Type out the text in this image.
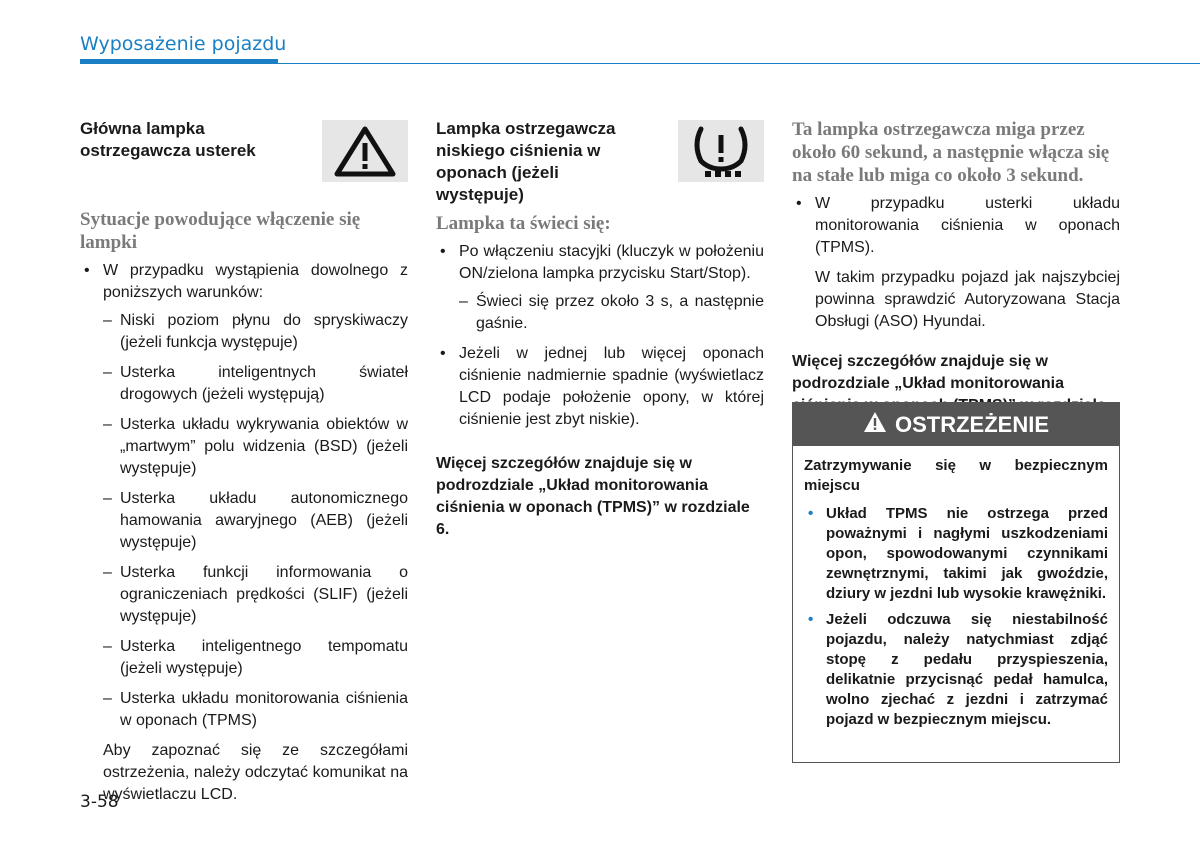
Wyposażenie pojazdu
Główna lampka ostrzegawcza usterek
Sytuacje powodujące włączenie się lampki
• W przypadku wystąpienia dowolnego z poniższych warunków:
– Niski poziom płynu do spryskiwaczy (jeżeli funkcja występuje)
– Usterka inteligentnych świateł drogowych (jeżeli występują)
– Usterka układu wykrywania obiektów w „martwym” polu widzenia (BSD) (jeżeli występuje)
– Usterka układu autonomicznego hamowania awaryjnego (AEB) (jeżeli występuje)
– Usterka funkcji informowania o ograniczeniach prędkości (SLIF) (jeżeli występuje)
– Usterka inteligentnego tempomatu (jeżeli występuje)
– Usterka układu monitorowania ciśnienia w oponach (TPMS)
Aby zapoznać się ze szczegółami ostrzeżenia, należy odczytać komunikat na wyświetlaczu LCD.
Lampka ostrzegawcza niskiego ciśnienia w oponach (jeżeli występuje)
Lampka ta świeci się:
• Po włączeniu stacyjki (kluczyk w położeniu ON/zielona lampka przycisku Start/Stop).
– Świeci się przez około 3 s, a następnie gaśnie.
• Jeżeli w jednej lub więcej oponach ciśnienie nadmiernie spadnie (wyświetlacz LCD podaje położenie opony, w której ciśnienie jest zbyt niskie).
Więcej szczegółów znajduje się w podrozdziale „Układ monitorowania ciśnienia w oponach (TPMS)” w rozdziale 6.
Ta lampka ostrzegawcza miga przez około 60 sekund, a następnie włącza się na stałe lub miga co około 3 sekund.
• W przypadku usterki układu monitorowania ciśnienia w oponach (TPMS).
W takim przypadku pojazd jak najszybciej powinna sprawdzić Autoryzowana Stacja Obsługi (ASO) Hyundai.
Więcej szczegółów znajduje się w podrozdziale „Układ monitorowania
OSTRZEŻENIE
Zatrzymywanie się w bezpiecznym miejscu
• Układ TPMS nie ostrzega przed poważnymi i nagłymi uszkodzeniami opon, spowodowanymi czynnikami zewnętrznymi, takimi jak gwoździe, dziury w jezdni lub wysokie krawężniki.
• Jeżeli odczuwa się niestabilność pojazdu, należy natychmiast zdjąć stopę z pedału przyspieszenia, delikatnie przycisnąć pedał hamulca, wolno zjechać z jezdni i zatrzymać pojazd w bezpiecznym miejscu.
3-58
